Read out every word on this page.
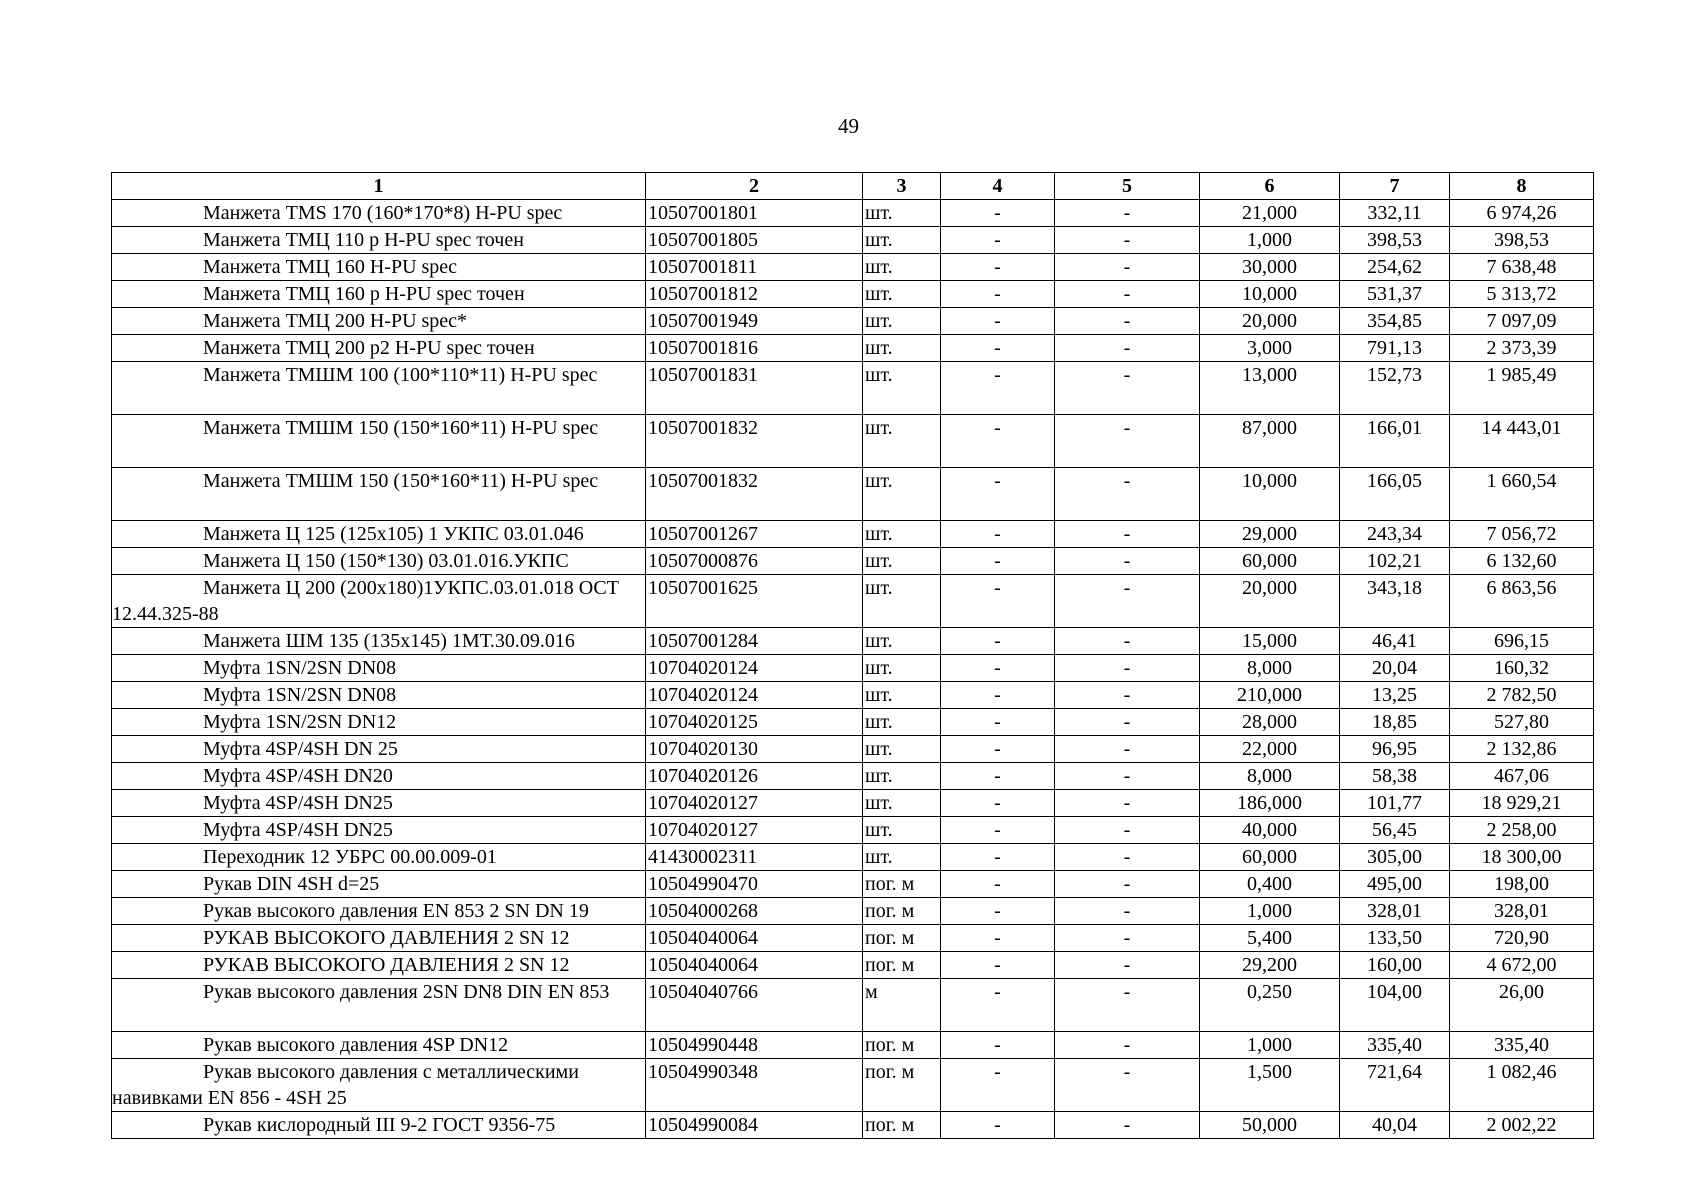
49
1	2	3	4	5	6	7	8
Манжета TMS 170 (160*170*8) H-PU spec	10507001801	шт.	-	-	21,000	332,11	6 974,26
Манжета ТМЦ 110 p H-PU spec точен	10507001805	шт.	-	-	1,000	398,53	398,53
Манжета ТМЦ 160 H-PU spec	10507001811	шт.	-	-	30,000	254,62	7 638,48
Манжета ТМЦ 160 p H-PU spec точен	10507001812	шт.	-	-	10,000	531,37	5 313,72
Манжета ТМЦ 200 H-PU spec*	10507001949	шт.	-	-	20,000	354,85	7 097,09
Манжета ТМЦ 200 p2 H-PU spec точен	10507001816	шт.	-	-	3,000	791,13	2 373,39
Манжета ТМШМ 100 (100*110*11) H-PU spec	10507001831	шт.	-	-	13,000	152,73	1 985,49
Манжета ТМШМ 150 (150*160*11) H-PU spec	10507001832	шт.	-	-	87,000	166,01	14 443,01
Манжета ТМШМ 150 (150*160*11) H-PU spec	10507001832	шт.	-	-	10,000	166,05	1 660,54
Манжета Ц 125 (125х105) 1 УКПС 03.01.046	10507001267	шт.	-	-	29,000	243,34	7 056,72
Манжета Ц 150 (150*130) 03.01.016.УКПС	10507000876	шт.	-	-	60,000	102,21	6 132,60
Манжета Ц 200 (200х180)1УКПС.03.01.018 ОСТ 12.44.325-88	10507001625	шт.	-	-	20,000	343,18	6 863,56
Манжета ШМ 135 (135х145) 1МТ.30.09.016	10507001284	шт.	-	-	15,000	46,41	696,15
Муфта 1SN/2SN DN08	10704020124	шт.	-	-	8,000	20,04	160,32
Муфта 1SN/2SN DN08	10704020124	шт.	-	-	210,000	13,25	2 782,50
Муфта 1SN/2SN DN12	10704020125	шт.	-	-	28,000	18,85	527,80
Муфта 4SP/4SH DN 25	10704020130	шт.	-	-	22,000	96,95	2 132,86
Муфта 4SP/4SH DN20	10704020126	шт.	-	-	8,000	58,38	467,06
Муфта 4SP/4SH DN25	10704020127	шт.	-	-	186,000	101,77	18 929,21
Муфта 4SP/4SH DN25	10704020127	шт.	-	-	40,000	56,45	2 258,00
Переходник 12 УБРС 00.00.009-01	41430002311	шт.	-	-	60,000	305,00	18 300,00
Рукав DIN 4SH d=25	10504990470	пог. м	-	-	0,400	495,00	198,00
Рукав высокого давления EN 853 2 SN DN 19	10504000268	пог. м	-	-	1,000	328,01	328,01
РУКАВ ВЫСОКОГО ДАВЛЕНИЯ 2 SN 12	10504040064	пог. м	-	-	5,400	133,50	720,90
РУКАВ ВЫСОКОГО ДАВЛЕНИЯ 2 SN 12	10504040064	пог. м	-	-	29,200	160,00	4 672,00
Рукав высокого давления 2SN DN8 DIN EN 853	10504040766	м	-	-	0,250	104,00	26,00
Рукав высокого давления 4SP DN12	10504990448	пог. м	-	-	1,000	335,40	335,40
Рукав высокого давления с металлическими навивками EN 856 - 4SH 25	10504990348	пог. м	-	-	1,500	721,64	1 082,46
Рукав кислородный III 9-2 ГОСТ 9356-75	10504990084	пог. м	-	-	50,000	40,04	2 002,22
